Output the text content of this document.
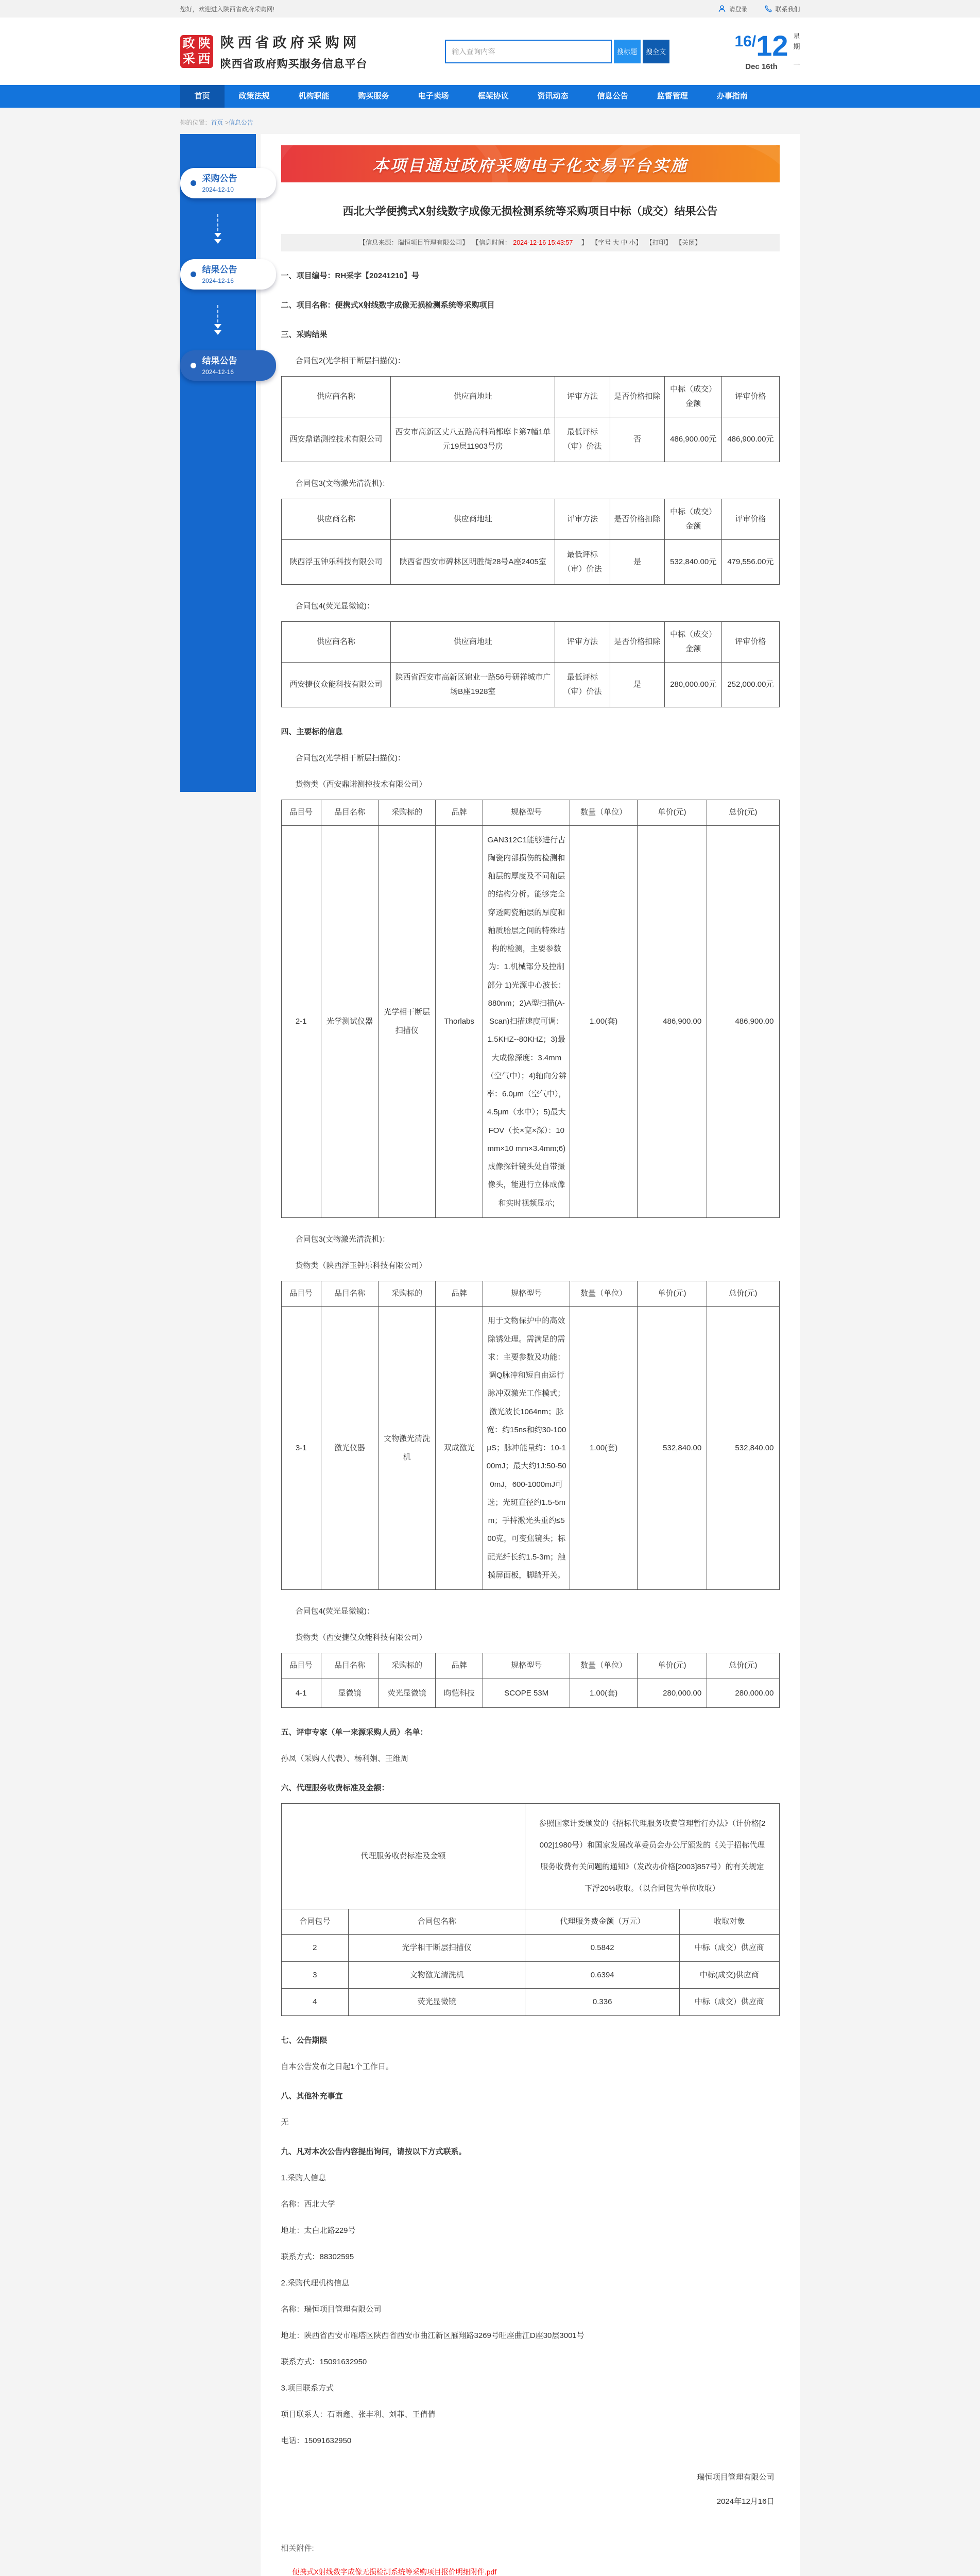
您好，欢迎进入陕西省政府采购网!	请登录	联系我们
政 陕
采 西
陕西省政府采购网
陕西省政府购买服务信息平台
输入查询内容
搜标题	搜全文
16/12
Dec 16th
星
期
一
首页	政策法规	机构职能	购买服务	电子卖场	框架协议	资讯动态	信息公告	监督管理	办事指南
你的位置：首页 >信息公告
采购公告
2024-12-10
结果公告
2024-12-16
结果公告
2024-12-16
本项目通过政府采购电子化交易平台实施
西北大学便携式X射线数字成像无损检测系统等采购项目中标（成交）结果公告
【信息来源：瑞恒项目管理有限公司】 【信息时间： 2024-12-16 15:43:57　】 【字号 大 中 小】 【打印】 【关闭】
一、项目编号：RH采字【20241210】号
二、项目名称：便携式X射线数字成像无损检测系统等采购项目
三、采购结果
合同包2(光学相干断层扫描仪)：
供应商名称	供应商地址	评审方法	是否价格扣除	中标（成交）金额	评审价格
西安鼎诺测控技术有限公司	西安市高新区丈八五路高科尚都摩卡第7幢1单元19层11903号房	最低评标（审）价法	否	486,900.00元	486,900.00元
合同包3(文物激光清洗机)：
供应商名称	供应商地址	评审方法	是否价格扣除	中标（成交）金额	评审价格
陕西浮玉钟乐科技有限公司	陕西省西安市碑林区明胜街28号A座2405室	最低评标（审）价法	是	532,840.00元	479,556.00元
合同包4(荧光显微镜)：
供应商名称	供应商地址	评审方法	是否价格扣除	中标（成交）金额	评审价格
西安捷仪众能科技有限公司	陕西省西安市高新区锦业一路56号研祥城市广场B座1928室	最低评标（审）价法	是	280,000.00元	252,000.00元
四、主要标的信息
合同包2(光学相干断层扫描仪)：
货物类（西安鼎诺测控技术有限公司）
品目号	品目名称	采购标的	品牌	规格型号	数量（单位）	单价(元)	总价(元)
2-1	光学测试仪器	光学相干断层扫描仪	Thorlabs	GAN312C1能够进行古陶瓷内部损伤的检测和釉层的厚度及不同釉层的结构分析。能够完全穿透陶瓷釉层的厚度和釉质胎层之间的特殊结构的检测，主要参数为：1.机械部分及控制部分 1)光源中心波长：880nm；2)A型扫描(A-Scan)扫描速度可调：1.5KHZ--80KHZ；3)最大成像深度：3.4mm（空气中）；4)轴向分辨率：6.0μm（空气中），4.5μm（水中）；5)最大FOV（长×宽×深）：10 mm×10 mm×3.4mm;6)成像探针镜头处自带摄像头，能进行立体成像和实时视频显示;	1.00(套)	486,900.00	486,900.00
合同包3(文物激光清洗机)：
货物类（陕西浮玉钟乐科技有限公司）
品目号	品目名称	采购标的	品牌	规格型号	数量（单位）	单价(元)	总价(元)
3-1	激光仪器	文物激光清洗机	双成激光	用于文物保护中的高效除锈处理。需满足的需求：主要参数及功能：调Q脉冲和短自由运行脉冲双激光工作模式；激光波长1064nm；脉宽：约15ns和约30-100μS；脉冲能量约：10-100mJ；最大约1J:50-500mJ，600-1000mJ可选；光斑直径约1.5-5mm；手持激光头重约≤500克，可变焦镜头；标配光纤长约1.5-3m；触摸屏面板，脚踏开关。	1.00(套)	532,840.00	532,840.00
合同包4(荧光显微镜)：
货物类（西安捷仪众能科技有限公司）
品目号	品目名称	采购标的	品牌	规格型号	数量（单位）	单价(元)	总价(元)
4-1	显微镜	荧光显微镜	昀恺科技	SCOPE 53M	1.00(套)	280,000.00	280,000.00
五、评审专家（单一来源采购人员）名单：
孙凤（采购人代表）、杨利娟、王维周
六、代理服务收费标准及金额：
代理服务收费标准及金额		参照国家计委颁发的《招标代理服务收费管理暂行办法》（计价格[2002]1980号）和国家发展改革委员会办公厅颁发的《关于招标代理服务收费有关问题的通知》（发改办价格[2003]857号）的有关规定下浮20%收取。（以合同包为单位收取）	
合同包号	合同包名称	代理服务费金额（万元）	收取对象
2	光学相干断层扫描仪	0.5842	中标（成交）供应商
3	文物激光清洗机	0.6394	中标(成交)供应商
4	荧光显微镜	0.336	中标（成交）供应商
七、公告期限
自本公告发布之日起1个工作日。
八、其他补充事宜
无
九、凡对本次公告内容提出询问，请按以下方式联系。
1.采购人信息
名称：西北大学
地址：太白北路229号
联系方式：88302595
2.采购代理机构信息
名称：瑞恒项目管理有限公司
地址：陕西省西安市雁塔区陕西省西安市曲江新区雁翔路3269号旺座曲江D座30层3001号
联系方式：15091632950
3.项目联系方式
项目联系人：石雨鑫、张丰利、刘菲、王倩倩
电话：15091632950
瑞恒项目管理有限公司
2024年12月16日
相关附件:
便携式X射线数字成像无损检测系统等采购项目报价明细附件.pdf
